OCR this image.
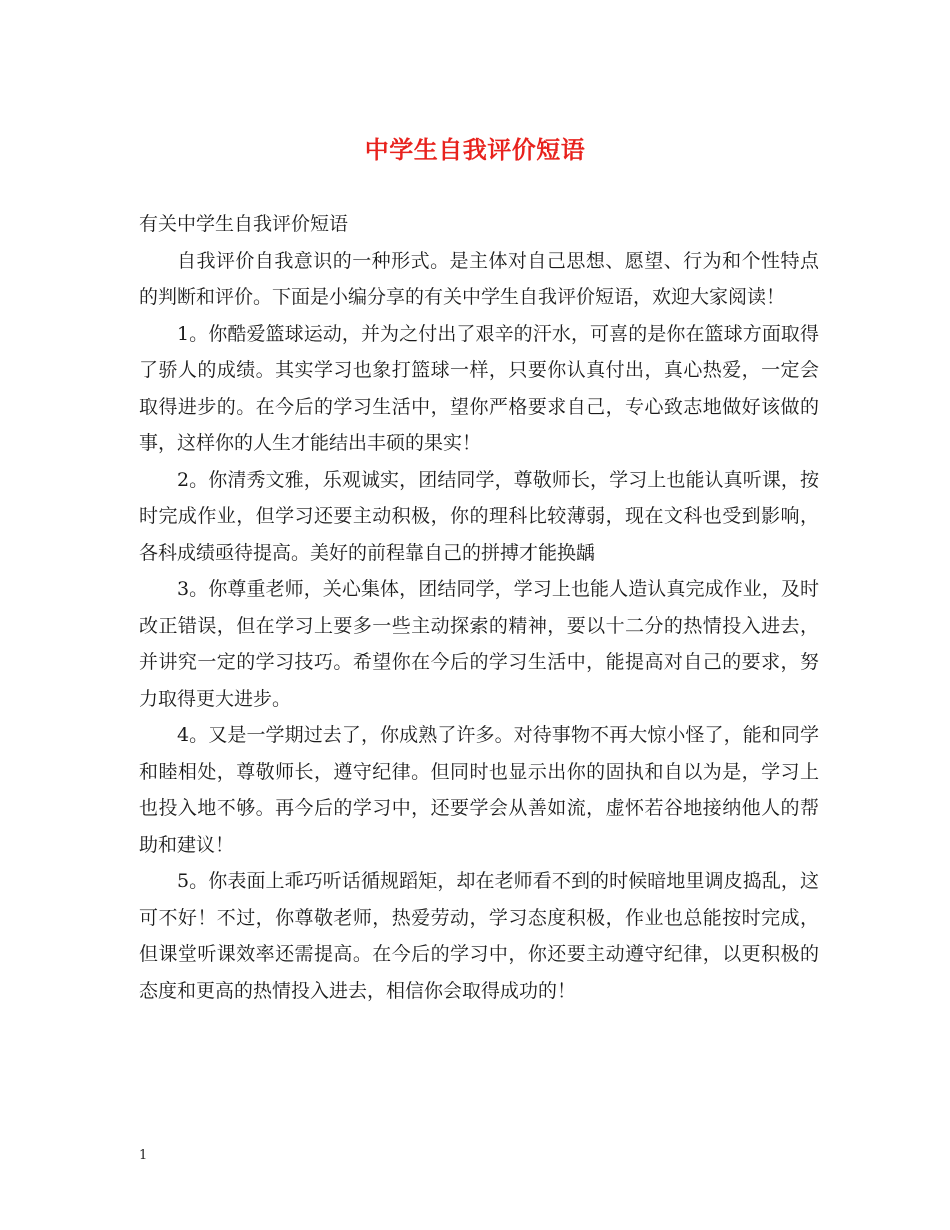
中学生自我评价短语

有关中学生自我评价短语

自我评价自我意识的一种形式。是主体对自己思想、愿望、行为和个性特点的判断和评价。下面是小编分享的有关中学生自我评价短语，欢迎大家阅读！

1。你酷爱篮球运动，并为之付出了艰辛的汗水，可喜的是你在篮球方面取得了骄人的成绩。其实学习也象打篮球一样，只要你认真付出，真心热爱，一定会取得进步的。在今后的学习生活中，望你严格要求自己，专心致志地做好该做的事，这样你的人生才能结出丰硕的果实！

2。你清秀文雅，乐观诚实，团结同学，尊敬师长，学习上也能认真听课，按时完成作业，但学习还要主动积极，你的理科比较薄弱，现在文科也受到影响，各科成绩亟待提高。美好的前程靠自己的拼搏才能换龋

3。你尊重老师，关心集体，团结同学，学习上也能人造认真完成作业，及时改正错误，但在学习上要多一些主动探索的精神，要以十二分的热情投入进去，并讲究一定的学习技巧。希望你在今后的学习生活中，能提高对自己的要求，努力取得更大进步。

4。又是一学期过去了，你成熟了许多。对待事物不再大惊小怪了，能和同学和睦相处，尊敬师长，遵守纪律。但同时也显示出你的固执和自以为是，学习上也投入地不够。再今后的学习中，还要学会从善如流，虚怀若谷地接纳他人的帮助和建议！

5。你表面上乖巧听话循规蹈矩，却在老师看不到的时候暗地里调皮捣乱，这可不好！不过，你尊敬老师，热爱劳动，学习态度积极，作业也总能按时完成，但课堂听课效率还需提高。在今后的学习中，你还要主动遵守纪律，以更积极的态度和更高的热情投入进去，相信你会取得成功的！

1
